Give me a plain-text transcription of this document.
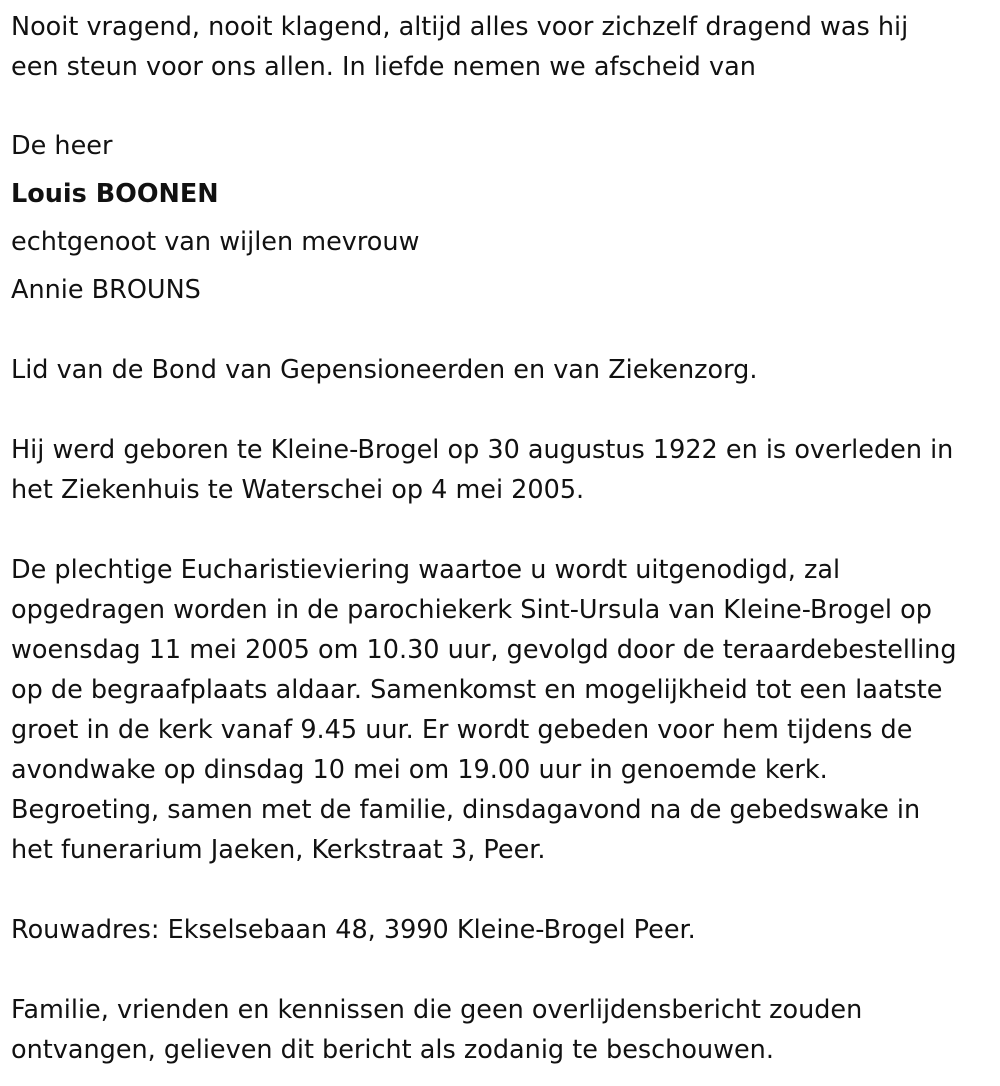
Nooit vragend, nooit klagend, altijd alles voor zichzelf dragend was hij
een steun voor ons allen. In liefde nemen we afscheid van
De heer
Louis BOONEN
echtgenoot van wijlen mevrouw
Annie BROUNS
Lid van de Bond van Gepensioneerden en van Ziekenzorg.
Hij werd geboren te Kleine-Brogel op 30 augustus 1922 en is overleden in
het Ziekenhuis te Waterschei op 4 mei 2005.
De plechtige Eucharistieviering waartoe u wordt uitgenodigd, zal
opgedragen worden in de parochiekerk Sint-Ursula van Kleine-Brogel op
woensdag 11 mei 2005 om 10.30 uur, gevolgd door de teraardebestelling
op de begraafplaats aldaar. Samenkomst en mogelijkheid tot een laatste
groet in de kerk vanaf 9.45 uur. Er wordt gebeden voor hem tijdens de
avondwake op dinsdag 10 mei om 19.00 uur in genoemde kerk.
Begroeting, samen met de familie, dinsdagavond na de gebedswake in
het funerarium Jaeken, Kerkstraat 3, Peer.
Rouwadres: Ekselsebaan 48, 3990 Kleine-Brogel Peer.
Familie, vrienden en kennissen die geen overlijdensbericht zouden
ontvangen, gelieven dit bericht als zodanig te beschouwen.
